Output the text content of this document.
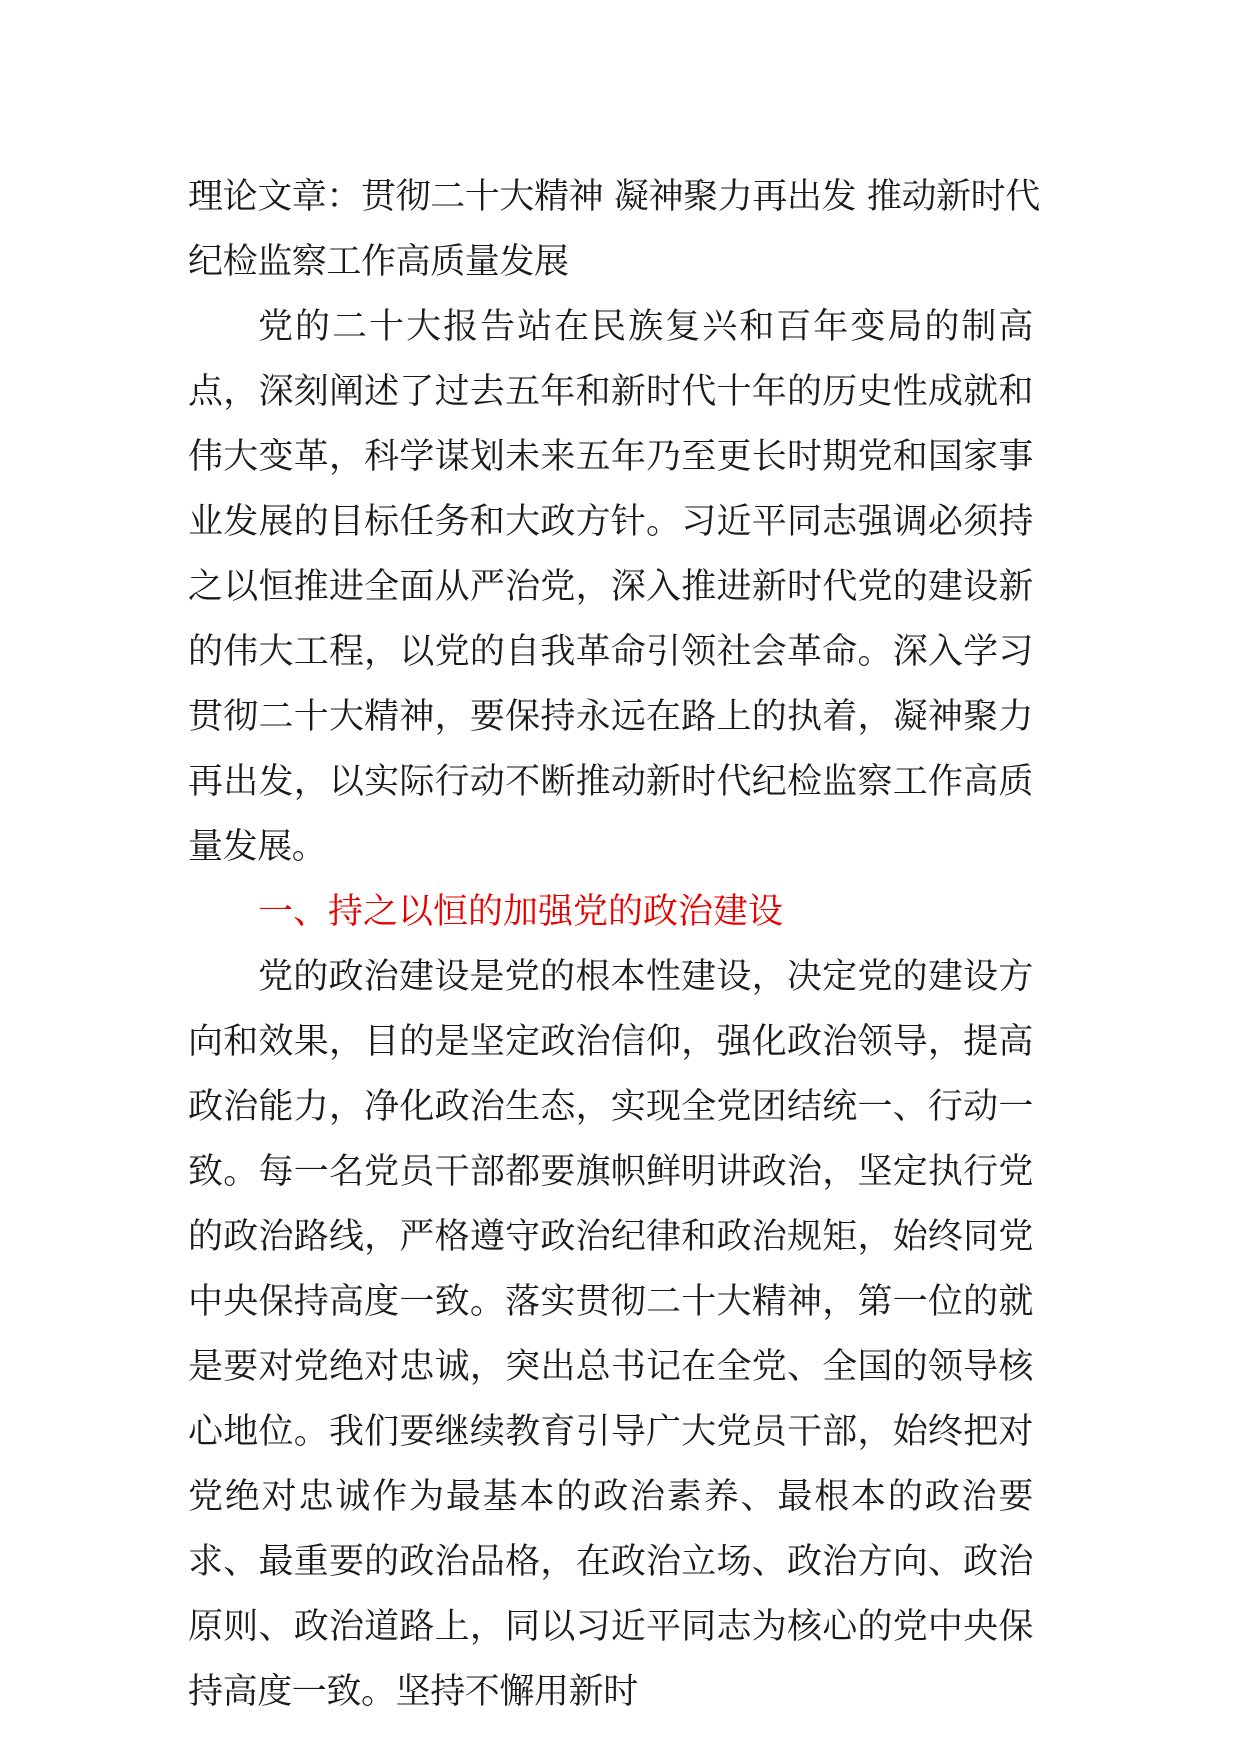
理论文章：贯彻二十大精神 凝神聚力再出发 推动新时代纪检监察工作高质量发展

党的二十大报告站在民族复兴和百年变局的制高点，深刻阐述了过去五年和新时代十年的历史性成就和伟大变革，科学谋划未来五年乃至更长时期党和国家事业发展的目标任务和大政方针。习近平同志强调必须持之以恒推进全面从严治党，深入推进新时代党的建设新的伟大工程，以党的自我革命引领社会革命。深入学习贯彻二十大精神，要保持永远在路上的执着，凝神聚力再出发，以实际行动不断推动新时代纪检监察工作高质量发展。

一、持之以恒的加强党的政治建设

党的政治建设是党的根本性建设，决定党的建设方向和效果，目的是坚定政治信仰，强化政治领导，提高政治能力，净化政治生态，实现全党团结统一、行动一致。每一名党员干部都要旗帜鲜明讲政治，坚定执行党的政治路线，严格遵守政治纪律和政治规矩，始终同党中央保持高度一致。落实贯彻二十大精神，第一位的就是要对党绝对忠诚，突出总书记在全党、全国的领导核心地位。我们要继续教育引导广大党员干部，始终把对党绝对忠诚作为最基本的政治素养、最根本的政治要求、最重要的政治品格，在政治立场、政治方向、政治原则、政治道路上，同以习近平同志为核心的党中央保持高度一致。坚持不懈用新时
